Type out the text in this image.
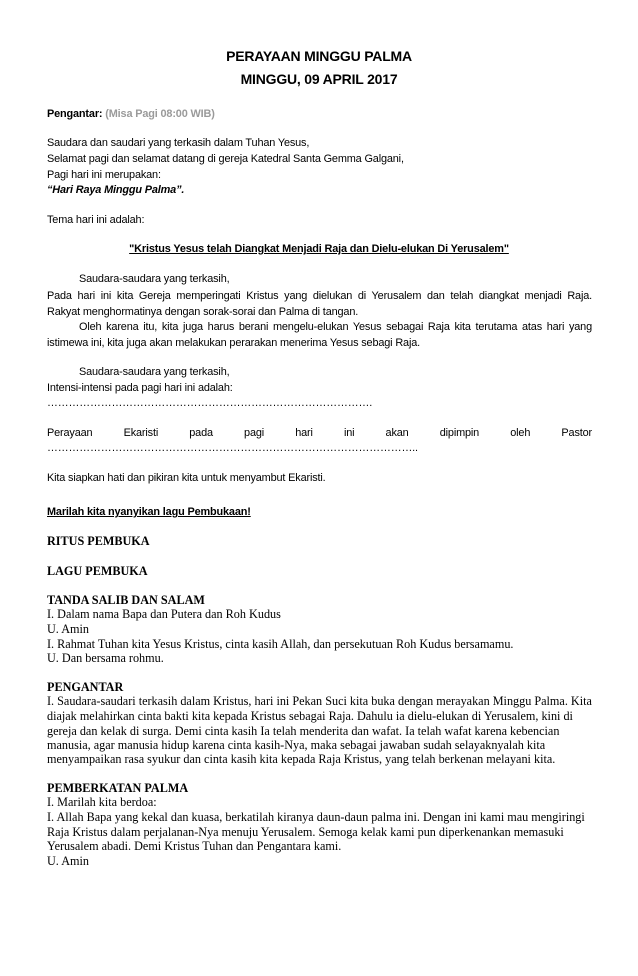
PERAYAAN MINGGU PALMA
MINGGU, 09 APRIL 2017
Pengantar: (Misa Pagi 08:00 WIB)
Saudara dan saudari yang terkasih dalam Tuhan Yesus,
Selamat pagi dan selamat datang di gereja Katedral Santa Gemma Galgani,
Pagi hari ini merupakan:
“Hari Raya Minggu Palma”.
Tema hari ini adalah:
"Kristus Yesus telah Diangkat Menjadi Raja dan Dielu-elukan Di Yerusalem"
Saudara-saudara yang terkasih,
Pada hari ini kita Gereja memperingati Kristus yang dielukan di Yerusalem dan telah diangkat menjadi Raja.
Rakyat menghormatinya dengan sorak-sorai dan Palma di tangan.
Oleh karena itu, kita juga harus berani mengelu-elukan Yesus sebagai Raja kita terutama atas hari yang
istimewa ini, kita juga akan melakukan perarakan menerima Yesus sebagi Raja.
Saudara-saudara yang terkasih,
Intensi-intensi pada pagi hari ini adalah:
……………………………………………………………………………….
Perayaan Ekaristi pada pagi hari ini akan dipimpin oleh Pastor
…………………………………………………………………………………………..
Kita siapkan hati dan pikiran kita untuk menyambut Ekaristi.
Marilah kita nyanyikan lagu Pembukaan!
RITUS PEMBUKA
LAGU PEMBUKA
TANDA SALIB DAN SALAM
I. Dalam nama Bapa dan Putera dan Roh Kudus
U. Amin
I. Rahmat Tuhan kita Yesus Kristus, cinta kasih Allah, dan persekutuan Roh Kudus bersamamu.
U. Dan bersama rohmu.
PENGANTAR
I. Saudara-saudari terkasih dalam Kristus, hari ini Pekan Suci kita buka dengan merayakan Minggu Palma. Kita
diajak melahirkan cinta bakti kita kepada Kristus sebagai Raja. Dahulu ia dielu-elukan di Yerusalem, kini di
gereja dan kelak di surga. Demi cinta kasih Ia telah menderita dan wafat. Ia telah wafat karena kebencian
manusia, agar manusia hidup karena cinta kasih-Nya, maka sebagai jawaban sudah selayaknyalah kita
menyampaikan rasa syukur dan cinta kasih kita kepada Raja Kristus, yang telah berkenan melayani kita.
PEMBERKATAN PALMA
I. Marilah kita berdoa:
I. Allah Bapa yang kekal dan kuasa, berkatilah kiranya daun-daun palma ini. Dengan ini kami mau mengiringi
Raja Kristus dalam perjalanan-Nya menuju Yerusalem. Semoga kelak kami pun diperkenankan memasuki
Yerusalem abadi. Demi Kristus Tuhan dan Pengantara kami.
U. Amin
